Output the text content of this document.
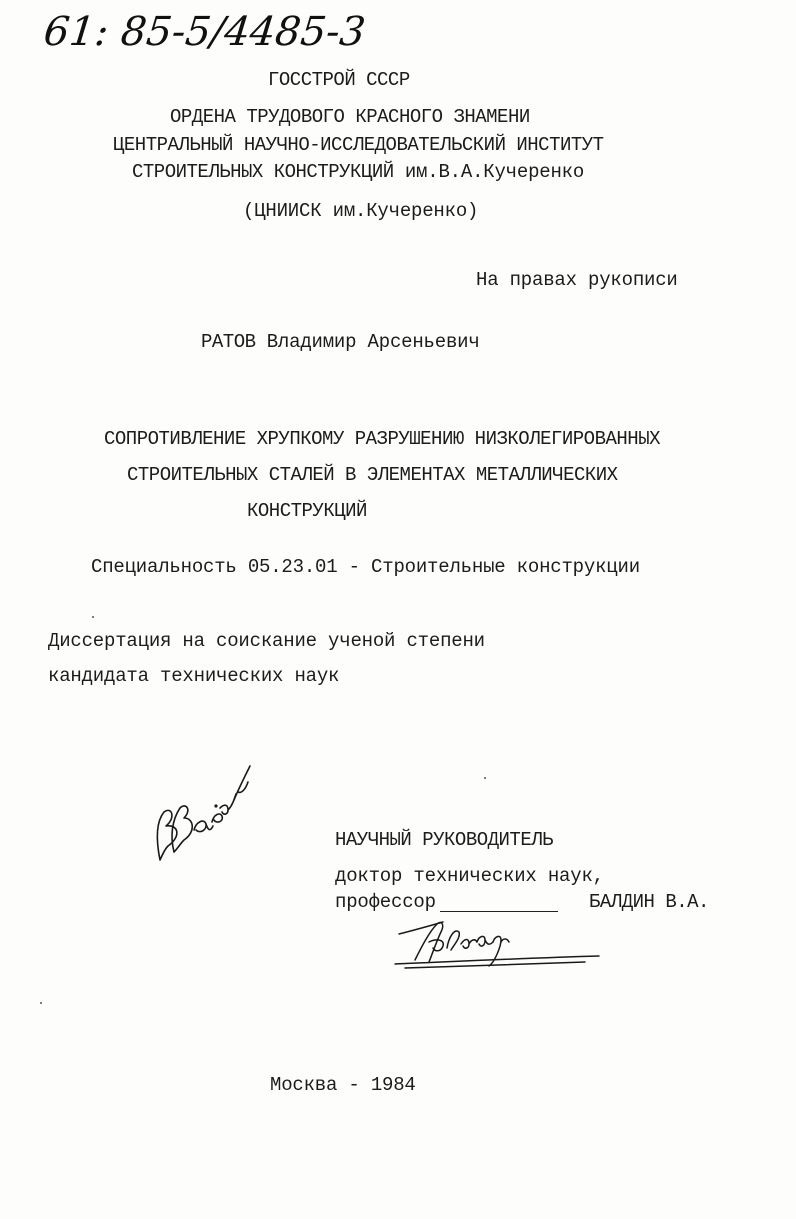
61: 85-5/4485-3
ГОССТРОЙ СССР
ОРДЕНА ТРУДОВОГО КРАСНОГО ЗНАМЕНИ
ЦЕНТРАЛЬНЫЙ НАУЧНО-ИССЛЕДОВАТЕЛЬСКИЙ ИНСТИТУТ
СТРОИТЕЛЬНЫХ КОНСТРУКЦИЙ им.В.А.Кучеренко
(ЦНИИСК им.Кучеренко)
На правах рукописи
РАТОВ Владимир Арсеньевич
СОПРОТИВЛЕНИЕ ХРУПКОМУ РАЗРУШЕНИЮ НИЗКОЛЕГИРОВАННЫХ
СТРОИТЕЛЬНЫХ СТАЛЕЙ В ЭЛЕМЕНТАХ МЕТАЛЛИЧЕСКИХ
КОНСТРУКЦИЙ
Специальность 05.23.01 - Строительные конструкции
Диссертация на соискание ученой степени
кандидата технических наук
НАУЧНЫЙ РУКОВОДИТЕЛЬ
доктор технических наук,
профессор	БАЛДИН В.А.
Москва - 1984
